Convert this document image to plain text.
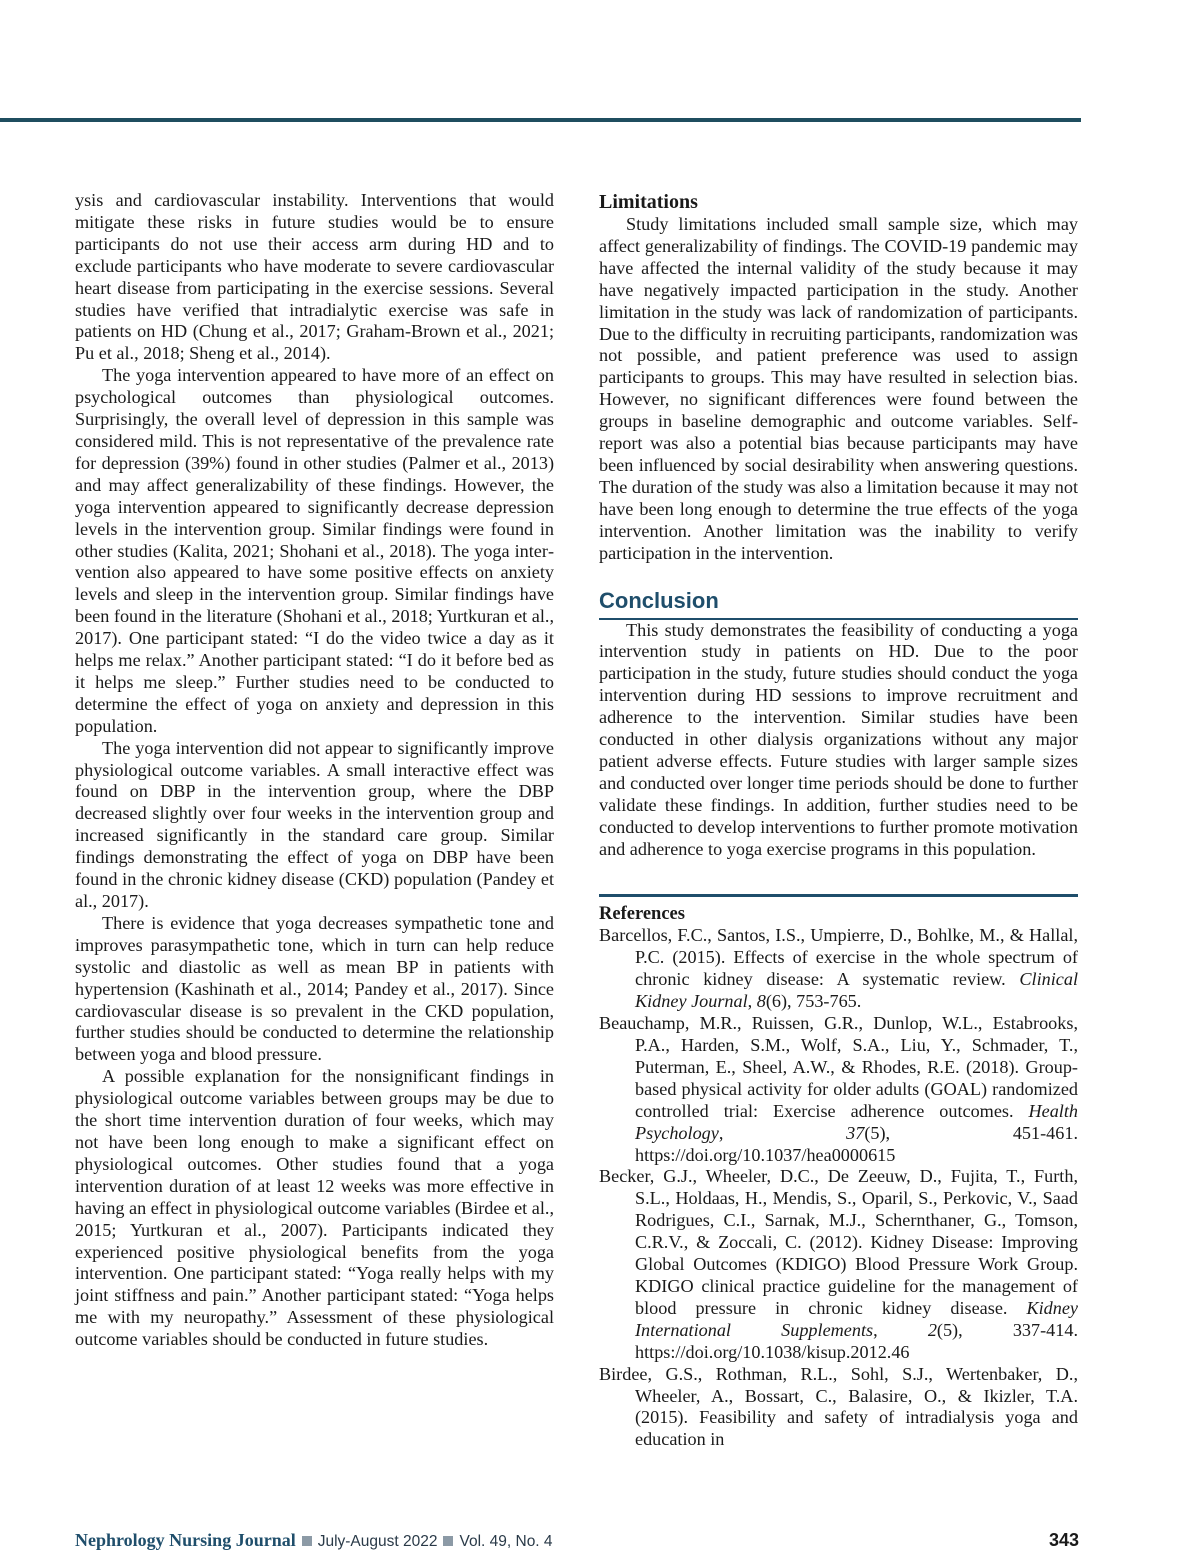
ysis and cardiovascular instability. Interventions that would mitigate these risks in future studies would be to ensure participants do not use their access arm during HD and to exclude participants who have moderate to severe cardiovascular heart disease from participating in the exercise sessions. Several studies have verified that intradialytic exercise was safe in patients on HD (Chung et al., 2017; Graham-Brown et al., 2021; Pu et al., 2018; Sheng et al., 2014).

The yoga intervention appeared to have more of an effect on psychological outcomes than physiological outcomes. Surprisingly, the overall level of depression in this sample was considered mild. This is not representative of the prevalence rate for depression (39%) found in other studies (Palmer et al., 2013) and may affect generalizability of these findings. However, the yoga intervention appeared to significantly decrease depression levels in the intervention group. Similar findings were found in other studies (Kalita, 2021; Shohani et al., 2018). The yoga intervention also appeared to have some positive effects on anxiety levels and sleep in the intervention group. Similar findings have been found in the literature (Shohani et al., 2018; Yurtkuran et al., 2017). One participant stated: “I do the video twice a day as it helps me relax.” Another participant stated: “I do it before bed as it helps me sleep.” Further studies need to be conducted to determine the effect of yoga on anxiety and depression in this population.

The yoga intervention did not appear to significantly improve physiological outcome variables. A small interactive effect was found on DBP in the intervention group, where the DBP decreased slightly over four weeks in the intervention group and increased significantly in the standard care group. Similar findings demonstrating the effect of yoga on DBP have been found in the chronic kidney disease (CKD) population (Pandey et al., 2017).

There is evidence that yoga decreases sympathetic tone and improves parasympathetic tone, which in turn can help reduce systolic and diastolic as well as mean BP in patients with hypertension (Kashinath et al., 2014; Pandey et al., 2017). Since cardiovascular disease is so prevalent in the CKD population, further studies should be conducted to determine the relationship between yoga and blood pressure.

A possible explanation for the nonsignificant findings in physiological outcome variables between groups may be due to the short time intervention duration of four weeks, which may not have been long enough to make a significant effect on physiological outcomes. Other studies found that a yoga intervention duration of at least 12 weeks was more effective in having an effect in physiological outcome variables (Birdee et al., 2015; Yurtkuran et al., 2007). Participants indicated they experienced positive physiological benefits from the yoga intervention. One participant stated: “Yoga really helps with my joint stiffness and pain.” Another participant stated: “Yoga helps me with my neuropathy.” Assessment of these physiological outcome variables should be conducted in future studies.

Limitations

Study limitations included small sample size, which may affect generalizability of findings. The COVID-19 pandemic may have affected the internal validity of the study because it may have negatively impacted participation in the study. Another limitation in the study was lack of randomization of participants. Due to the difficulty in recruiting participants, randomization was not possible, and patient preference was used to assign participants to groups. This may have resulted in selection bias. However, no significant differences were found between the groups in baseline demographic and outcome variables. Self-report was also a potential bias because participants may have been influenced by social desirability when answering questions. The duration of the study was also a limitation because it may not have been long enough to determine the true effects of the yoga intervention. Another limitation was the inability to verify participation in the intervention.

Conclusion

This study demonstrates the feasibility of conducting a yoga intervention study in patients on HD. Due to the poor participation in the study, future studies should conduct the yoga intervention during HD sessions to improve recruitment and adherence to the intervention. Similar studies have been conducted in other dialysis organizations without any major patient adverse effects. Future studies with larger sample sizes and conducted over longer time periods should be done to further validate these findings. In addition, further studies need to be conducted to develop interventions to further promote motivation and adherence to yoga exercise programs in this population.

References

Barcellos, F.C., Santos, I.S., Umpierre, D., Bohlke, M., & Hallal, P.C. (2015). Effects of exercise in the whole spectrum of chronic kidney disease: A systematic review. Clinical Kidney Journal, 8(6), 753-765.

Beauchamp, M.R., Ruissen, G.R., Dunlop, W.L., Estabrooks, P.A., Harden, S.M., Wolf, S.A., Liu, Y., Schmader, T., Puterman, E., Sheel, A.W., & Rhodes, R.E. (2018). Group-based physical activity for older adults (GOAL) randomized controlled trial: Exercise adherence outcomes. Health Psychology, 37(5), 451-461. https://doi.org/10.1037/hea0000615

Becker, G.J., Wheeler, D.C., De Zeeuw, D., Fujita, T., Furth, S.L., Holdaas, H., Mendis, S., Oparil, S., Perkovic, V., Saad Rodrigues, C.I., Sarnak, M.J., Schernthaner, G., Tomson, C.R.V., & Zoccali, C. (2012). Kidney Disease: Improving Global Outcomes (KDIGO) Blood Pressure Work Group. KDIGO clinical practice guideline for the management of blood pressure in chronic kidney disease. Kidney International Supplements, 2(5), 337-414. https://doi.org/10.1038/kisup.2012.46

Birdee, G.S., Rothman, R.L., Sohl, S.J., Wertenbaker, D., Wheeler, A., Bossart, C., Balasire, O., & Ikizler, T.A. (2015). Feasibility and safety of intradialysis yoga and education in

Nephrology Nursing Journal July-August 2022 Vol. 49, No. 4	343
